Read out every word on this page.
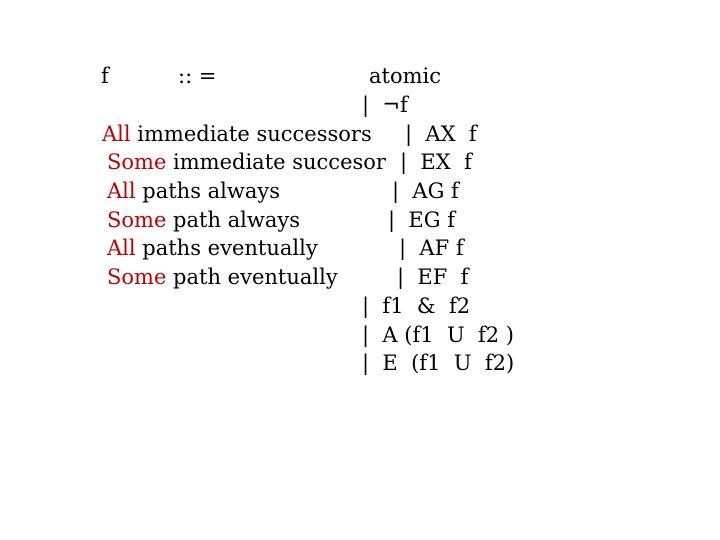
f	:: =	atomic
|  ¬f
All immediate successors |  AX  f
Some immediate succesor |  EX  f
All paths always	|  AG f
Some path always	|  EG f
All paths eventually	|  AF f
Some path eventually	|  EF  f
|  f1  &  f2
|  A (f1  U  f2 )
|  E  (f1  U  f2)
